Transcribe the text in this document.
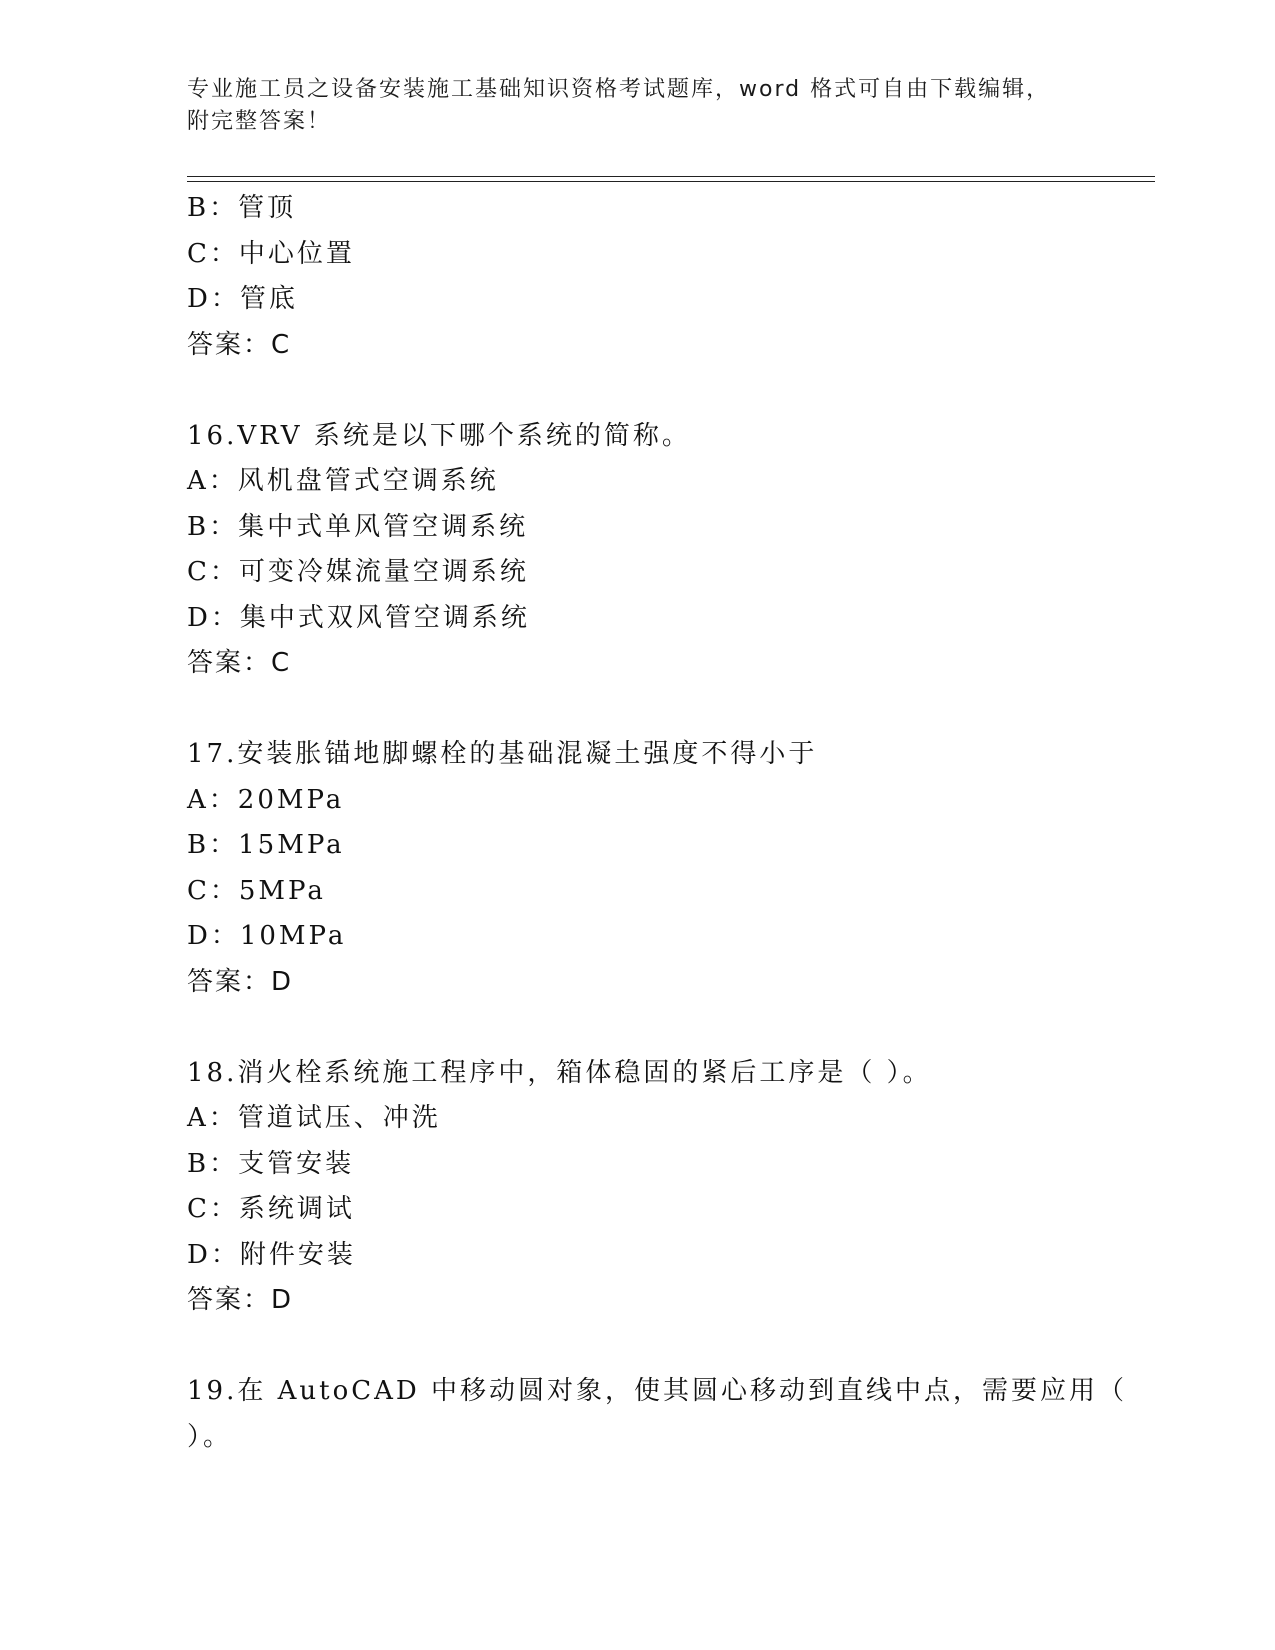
专业施工员之设备安装施工基础知识资格考试题库，word 格式可自由下载编辑，
附完整答案！
B：管顶
C：中心位置
D：管底
答案：C
16.VRV 系统是以下哪个系统的简称。
A：风机盘管式空调系统
B：集中式单风管空调系统
C：可变冷媒流量空调系统
D：集中式双风管空调系统
答案：C
17.安装胀锚地脚螺栓的基础混凝土强度不得小于
A：20MPa
B：15MPa
C：5MPa
D：10MPa
答案：D
18.消火栓系统施工程序中，箱体稳固的紧后工序是（ ）。
A：管道试压、冲洗
B：支管安装
C：系统调试
D：附件安装
答案：D
19.在 AutoCAD 中移动圆对象，使其圆心移动到直线中点，需要应用（
）。
